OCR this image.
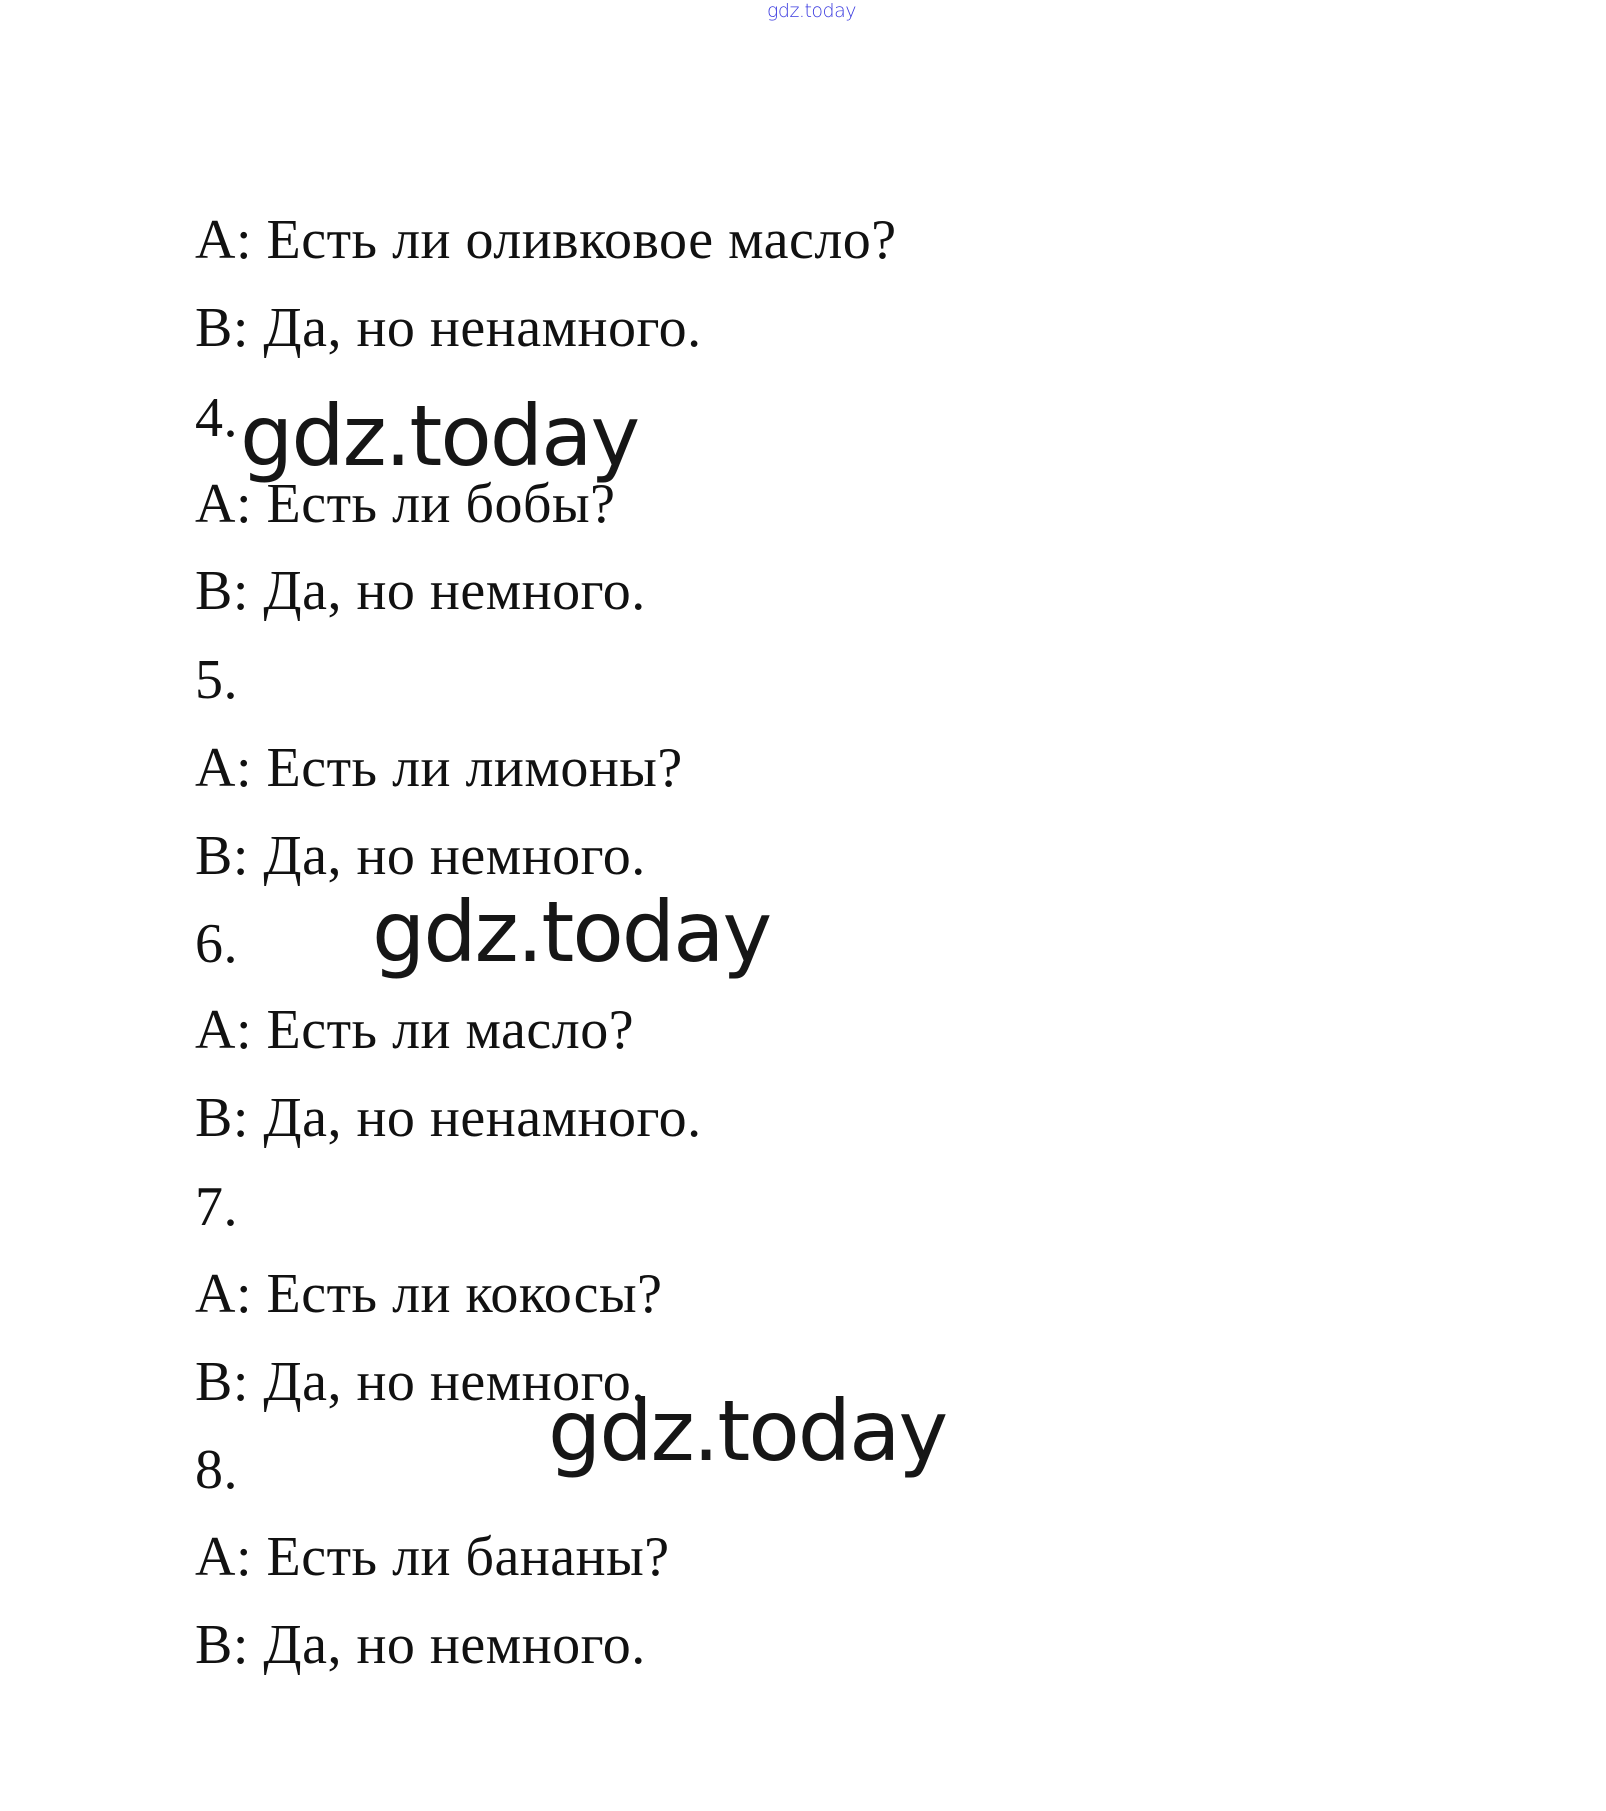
gdz.today
А: Есть ли оливковое масло?
В: Да, но ненамного.
4.
А: Есть ли бобы?
В: Да, но немного.
5.
А: Есть ли лимоны?
В: Да, но немного.
6.
А: Есть ли масло?
В: Да, но ненамного.
7.
А: Есть ли кокосы?
В: Да, но немного.
8.
А: Есть ли бананы?
В: Да, но немного.
gdz.today
gdz.today
gdz.today
